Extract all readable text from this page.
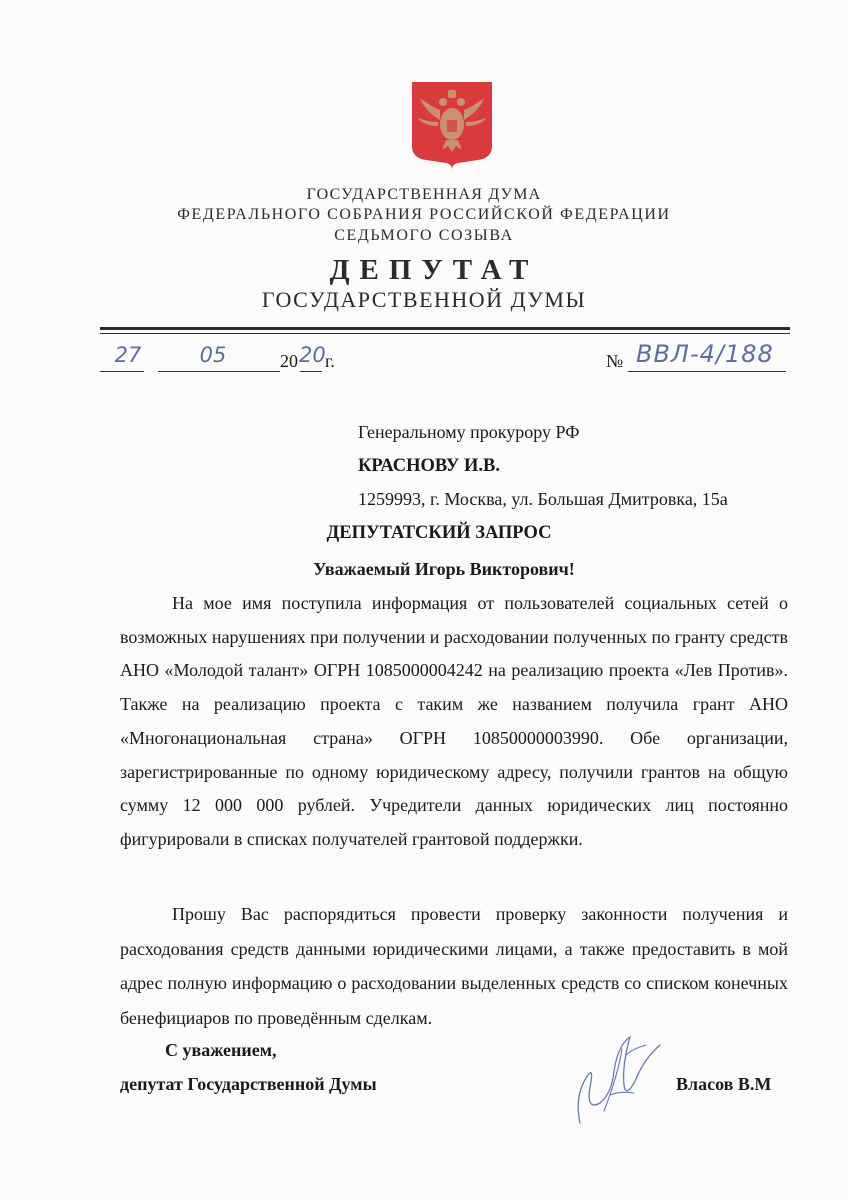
ГОСУДАРСТВЕННАЯ ДУМА
ФЕДЕРАЛЬНОГО СОБРАНИЯ РОССИЙСКОЙ ФЕДЕРАЦИИ
СЕДЬМОГО СОЗЫВА
ДЕПУТАТ
ГОСУДАРСТВЕННОЙ ДУМЫ
27	05	20 20 г.	№ ВВЛ-4/188
Генеральному прокурору РФ
КРАСНОВУ И.В.
1259993, г. Москва, ул. Большая Дмитровка, 15а
ДЕПУТАТСКИЙ ЗАПРОС
Уважаемый Игорь Викторович!
На мое имя поступила информация от пользователей социальных сетей о возможных нарушениях при получении и расходовании полученных по гранту средств АНО «Молодой талант» ОГРН 1085000004242 на реализацию проекта «Лев Против». Также на реализацию проекта с таким же названием получила грант АНО «Многонациональная страна» ОГРН 10850000003990. Обе организации, зарегистрированные по одному юридическому адресу, получили грантов на общую сумму 12 000 000 рублей. Учредители данных юридических лиц постоянно фигурировали в списках получателей грантовой поддержки.
Прошу Вас распорядиться провести проверку законности получения и расходования средств данными юридическими лицами, а также предоставить в мой адрес полную информацию о расходовании выделенных средств со списком конечных бенефициаров по проведённым сделкам.
С уважением,
депутат Государственной Думы	Власов В.М
